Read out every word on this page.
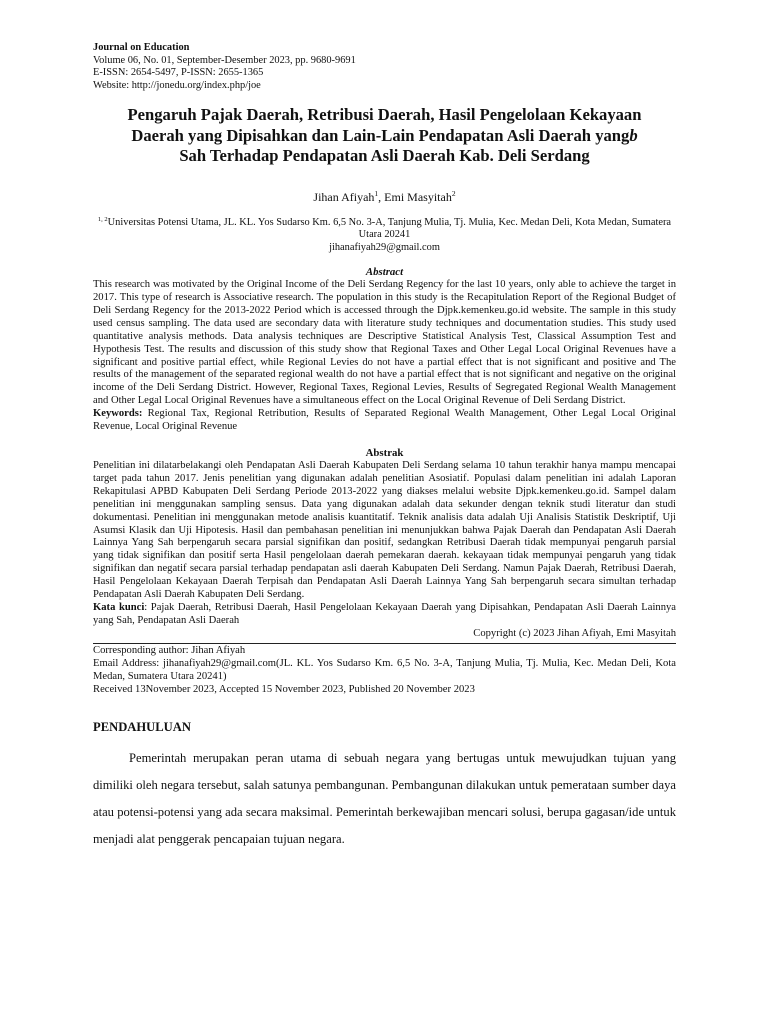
Journal on Education
Volume 06, No. 01, September-Desember 2023, pp. 9680-9691
E-ISSN: 2654-5497, P-ISSN: 2655-1365
Website: http://jonedu.org/index.php/joe
Pengaruh Pajak Daerah, Retribusi Daerah, Hasil Pengelolaan Kekayaan
Daerah yang Dipisahkan dan Lain-Lain Pendapatan Asli Daerah yangb
Sah Terhadap Pendapatan Asli Daerah Kab. Deli Serdang
Jihan Afiyah$^1$, Emi Masyitah$^2$
$^{1, 2}$Universitas Potensi Utama, JL. KL. Yos Sudarso Km. 6,5 No. 3-A, Tanjung Mulia, Tj. Mulia, Kec. Medan Deli, Kota Medan, Sumatera Utara 20241
jihanafiyah29@gmail.com
Abstract
This research was motivated by the Original Income of the Deli Serdang Regency for the last 10 years, only able to achieve the target in 2017. This type of research is Associative research. The population in this study is the Recapitulation Report of the Regional Budget of Deli Serdang Regency for the 2013-2022 Period which is accessed through the Djpk.kemenkeu.go.id website. The sample in this study used census sampling. The data used are secondary data with literature study techniques and documentation studies. This study used quantitative analysis methods. Data analysis techniques are Descriptive Statistical Analysis Test, Classical Assumption Test and Hypothesis Test. The results and discussion of this study show that Regional Taxes and Other Legal Local Original Revenues have a significant and positive partial effect, while Regional Levies do not have a partial effect that is not significant and positive and The results of the management of the separated regional wealth do not have a partial effect that is not significant and negative on the original income of the Deli Serdang District. However, Regional Taxes, Regional Levies, Results of Segregated Regional Wealth Management and Other Legal Local Original Revenues have a simultaneous effect on the Local Original Revenue of Deli Serdang District.
Keywords: Regional Tax, Regional Retribution, Results of Separated Regional Wealth Management, Other Legal Local Original Revenue, Local Original Revenue
Abstrak
Penelitian ini dilatarbelakangi oleh Pendapatan Asli Daerah Kabupaten Deli Serdang selama 10 tahun terakhir hanya mampu mencapai target pada tahun 2017. Jenis penelitian yang digunakan adalah penelitian Asosiatif. Populasi dalam penelitian ini adalah Laporan Rekapitulasi APBD Kabupaten Deli Serdang Periode 2013-2022 yang diakses melalui website Djpk.kemenkeu.go.id. Sampel dalam penelitian ini menggunakan sampling sensus. Data yang digunakan adalah data sekunder dengan teknik studi literatur dan studi dokumentasi. Penelitian ini menggunakan metode analisis kuantitatif. Teknik analisis data adalah Uji Analisis Statistik Deskriptif, Uji Asumsi Klasik dan Uji Hipotesis. Hasil dan pembahasan penelitian ini menunjukkan bahwa Pajak Daerah dan Pendapatan Asli Daerah Lainnya Yang Sah berpengaruh secara parsial signifikan dan positif, sedangkan Retribusi Daerah tidak mempunyai pengaruh parsial yang tidak signifikan dan positif serta Hasil pengelolaan daerah pemekaran daerah. kekayaan tidak mempunyai pengaruh yang tidak signifikan dan negatif secara parsial terhadap pendapatan asli daerah Kabupaten Deli Serdang. Namun Pajak Daerah, Retribusi Daerah, Hasil Pengelolaan Kekayaan Daerah Terpisah dan Pendapatan Asli Daerah Lainnya Yang Sah berpengaruh secara simultan terhadap Pendapatan Asli Daerah Kabupaten Deli Serdang.
Kata kunci: Pajak Daerah, Retribusi Daerah, Hasil Pengelolaan Kekayaan Daerah yang Dipisahkan, Pendapatan Asli Daerah Lainnya yang Sah, Pendapatan Asli Daerah
Copyright (c) 2023 Jihan Afiyah, Emi Masyitah
Corresponding author: Jihan Afiyah
Email Address: jihanafiyah29@gmail.com(JL. KL. Yos Sudarso Km. 6,5 No. 3-A, Tanjung Mulia, Tj. Mulia, Kec. Medan Deli, Kota Medan, Sumatera Utara 20241)
Received 13November 2023, Accepted 15 November 2023, Published 20 November 2023
PENDAHULUAN
Pemerintah merupakan peran utama di sebuah negara yang bertugas untuk mewujudkan tujuan yang dimiliki oleh negara tersebut, salah satunya pembangunan. Pembangunan dilakukan untuk pemerataan sumber daya atau potensi-potensi yang ada secara maksimal. Pemerintah berkewajiban mencari solusi, berupa gagasan/ide untuk menjadi alat penggerak pencapaian tujuan negara.
